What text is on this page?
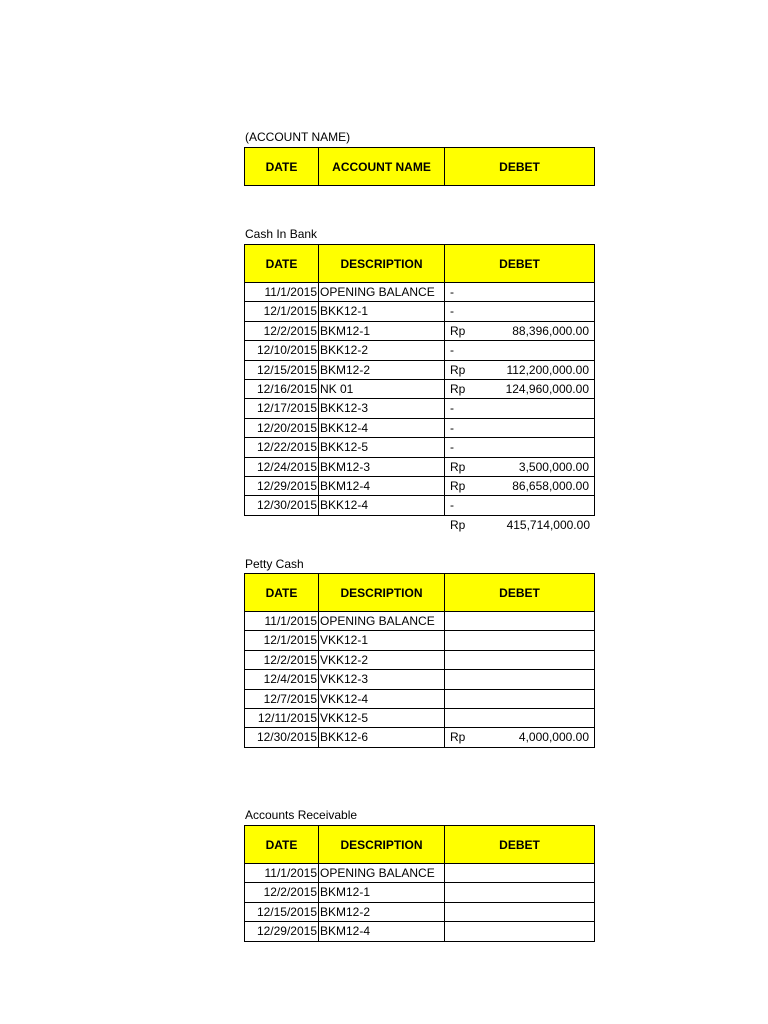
(ACCOUNT NAME)
DATE	ACCOUNT NAME	DEBET
Cash In Bank
DATE	DESCRIPTION	DEBET
11/1/2015 OPENING BALANCE	-
12/1/2015 BKK12-1	-
12/2/2015 BKM12-1	Rp	88,396,000.00
12/10/2015 BKK12-2	-
12/15/2015 BKM12-2	Rp	112,200,000.00
12/16/2015 NK 01	Rp	124,960,000.00
12/17/2015 BKK12-3	-
12/20/2015 BKK12-4	-
12/22/2015 BKK12-5	-
12/24/2015 BKM12-3	Rp	3,500,000.00
12/29/2015 BKM12-4	Rp	86,658,000.00
12/30/2015 BKK12-4	-
Rp	415,714,000.00
Petty Cash
DATE	DESCRIPTION	DEBET
11/1/2015 OPENING BALANCE
12/1/2015 VKK12-1
12/2/2015 VKK12-2
12/4/2015 VKK12-3
12/7/2015 VKK12-4
12/11/2015 VKK12-5
12/30/2015 BKK12-6	Rp	4,000,000.00
Accounts Receivable
DATE	DESCRIPTION	DEBET
11/1/2015 OPENING BALANCE
12/2/2015 BKM12-1
12/15/2015 BKM12-2
12/29/2015 BKM12-4
